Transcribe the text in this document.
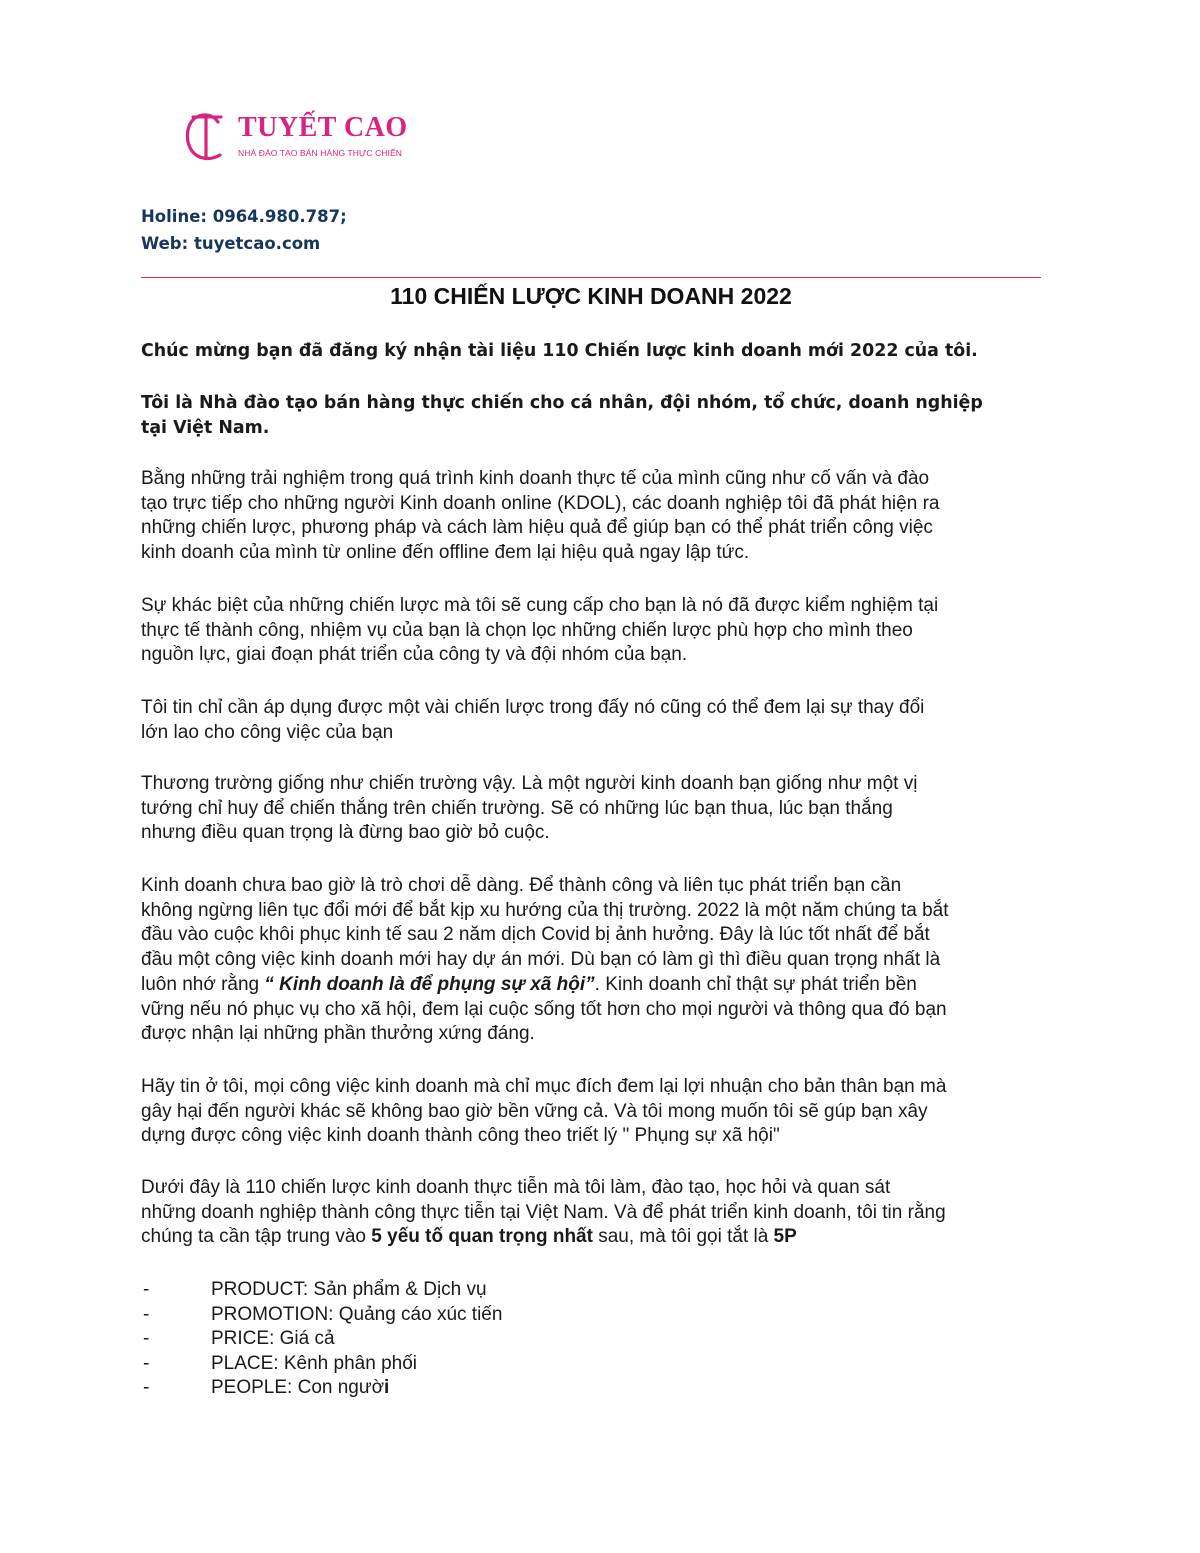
TUYẾT CAO
NHÀ ĐÀO TẠO BÁN HÀNG THỰC CHIẾN
Holine: 0964.980.787;
Web: tuyetcao.com
110 CHIẾN LƯỢC KINH DOANH 2022
Chúc mừng bạn đã đăng ký nhận tài liệu 110 Chiến lược kinh doanh mới 2022 của tôi.
Tôi là Nhà đào tạo bán hàng thực chiến cho cá nhân, đội nhóm, tổ chức, doanh nghiệp
tại Việt Nam.
Bằng những trải nghiệm trong quá trình kinh doanh thực tế của mình cũng như cố vấn và đào
tạo trực tiếp cho những người Kinh doanh online (KDOL), các doanh nghiệp tôi đã phát hiện ra
những chiến lược, phương pháp và cách làm hiệu quả để giúp bạn có thể phát triển công việc
kinh doanh của mình từ online đến offline đem lại hiệu quả ngay lập tức.
Sự khác biệt của những chiến lược mà tôi sẽ cung cấp cho bạn là nó đã được kiểm nghiệm tại
thực tế thành công, nhiệm vụ của bạn là chọn lọc những chiến lược phù hợp cho mình theo
nguồn lực, giai đoạn phát triển của công ty và đội nhóm của bạn.
Tôi tin chỉ cần áp dụng được một vài chiến lược trong đấy nó cũng có thể đem lại sự thay đổi
lớn lao cho công việc của bạn
Thương trường giống như chiến trường vậy. Là một người kinh doanh bạn giống như một vị
tướng chỉ huy để chiến thắng trên chiến trường. Sẽ có những lúc bạn thua, lúc bạn thắng
nhưng điều quan trọng là đừng bao giờ bỏ cuộc.
Kinh doanh chưa bao giờ là trò chơi dễ dàng. Để thành công và liên tục phát triển bạn cần
không ngừng liên tục đổi mới để bắt kịp xu hướng của thị trường. 2022 là một năm chúng ta bắt
đầu vào cuộc khôi phục kinh tế sau 2 năm dịch Covid bị ảnh hưởng. Đây là lúc tốt nhất để bắt
đầu một công việc kinh doanh mới hay dự án mới. Dù bạn có làm gì thì điều quan trọng nhất là
luôn nhớ rằng “ Kinh doanh là để phụng sự xã hội”. Kinh doanh chỉ thật sự phát triển bền
vững nếu nó phục vụ cho xã hội, đem lại cuộc sống tốt hơn cho mọi người và thông qua đó bạn
được nhận lại những phần thưởng xứng đáng.
Hãy tin ở tôi, mọi công việc kinh doanh mà chỉ mục đích đem lại lợi nhuận cho bản thân bạn mà
gây hại đến người khác sẽ không bao giờ bền vững cả. Và tôi mong muốn tôi sẽ gúp bạn xây
dựng được công việc kinh doanh thành công theo triết lý " Phụng sự xã hội"
Dưới đây là 110 chiến lược kinh doanh thực tiễn mà tôi làm, đào tạo, học hỏi và quan sát
những doanh nghiệp thành công thực tiễn tại Việt Nam. Và để phát triển kinh doanh, tôi tin rằng
chúng ta cần tập trung vào 5 yếu tố quan trọng nhất sau, mà tôi gọi tắt là 5P
-	PRODUCT: Sản phẩm & Dịch vụ
-	PROMOTION: Quảng cáo xúc tiến
-	PRICE: Giá cả
-	PLACE: Kênh phân phối
-	PEOPLE: Con người
